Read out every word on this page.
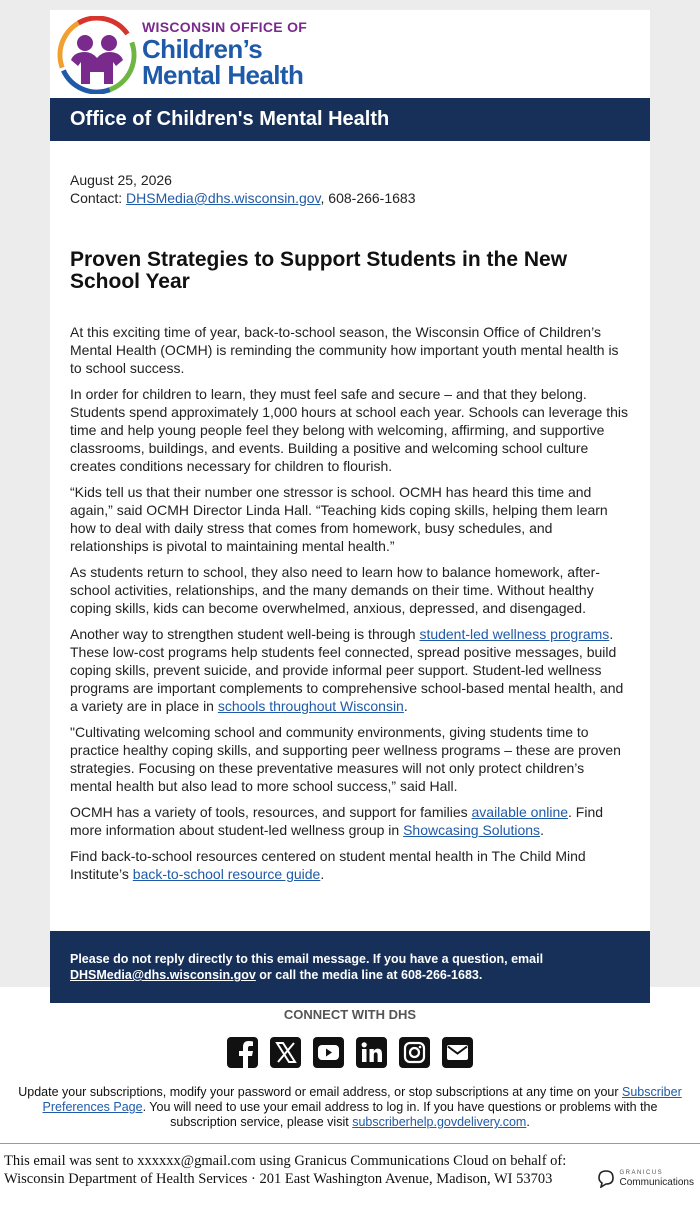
WISCONSIN OFFICE OF
Children’s
Mental Health
Office of Children's Mental Health

August 25, 2026

Contact: DHSMedia@dhs.wisconsin.gov, 608-266-1683

Proven Strategies to Support Students in the New School Year

At this exciting time of year, back-to-school season, the Wisconsin Office of Children’s Mental Health (OCMH) is reminding the community how important youth mental health is to school success.

In order for children to learn, they must feel safe and secure – and that they belong. Students spend approximately 1,000 hours at school each year. Schools can leverage this time and help young people feel they belong with welcoming, affirming, and supportive classrooms, buildings, and events. Building a positive and welcoming school culture creates conditions necessary for children to flourish.

“Kids tell us that their number one stressor is school. OCMH has heard this time and again,” said OCMH Director Linda Hall. “Teaching kids coping skills, helping them learn how to deal with daily stress that comes from homework, busy schedules, and relationships is pivotal to maintaining mental health.”

As students return to school, they also need to learn how to balance homework, after-school activities, relationships, and the many demands on their time. Without healthy coping skills, kids can become overwhelmed, anxious, depressed, and disengaged.

Another way to strengthen student well-being is through student-led wellness programs. These low-cost programs help students feel connected, spread positive messages, build coping skills, prevent suicide, and provide informal peer support. Student-led wellness programs are important complements to comprehensive school-based mental health, and a variety are in place in schools throughout Wisconsin.

"Cultivating welcoming school and community environments, giving students time to practice healthy coping skills, and supporting peer wellness programs – these are proven strategies. Focusing on these preventative measures will not only protect children’s mental health but also lead to more school success,” said Hall.

OCMH has a variety of tools, resources, and support for families available online. Find more information about student-led wellness group in Showcasing Solutions.

Find back-to-school resources centered on student mental health in The Child Mind Institute’s back-to-school resource guide.

Please do not reply directly to this email message. If you have a question, email DHSMedia@dhs.wisconsin.gov or call the media line at 608-266-1683.
CONNECT WITH DHS
Update your subscriptions, modify your password or email address, or stop subscriptions at any time on your Subscriber Preferences Page. You will need to use your email address to log in. If you have questions or problems with the subscription service, please visit subscriberhelp.govdelivery.com.
This email was sent to xxxxxx@gmail.com using Granicus Communications Cloud on behalf of: Wisconsin Department of Health Services · 201 East Washington Avenue, Madison, WI 53703	GRANICUS
Communications
